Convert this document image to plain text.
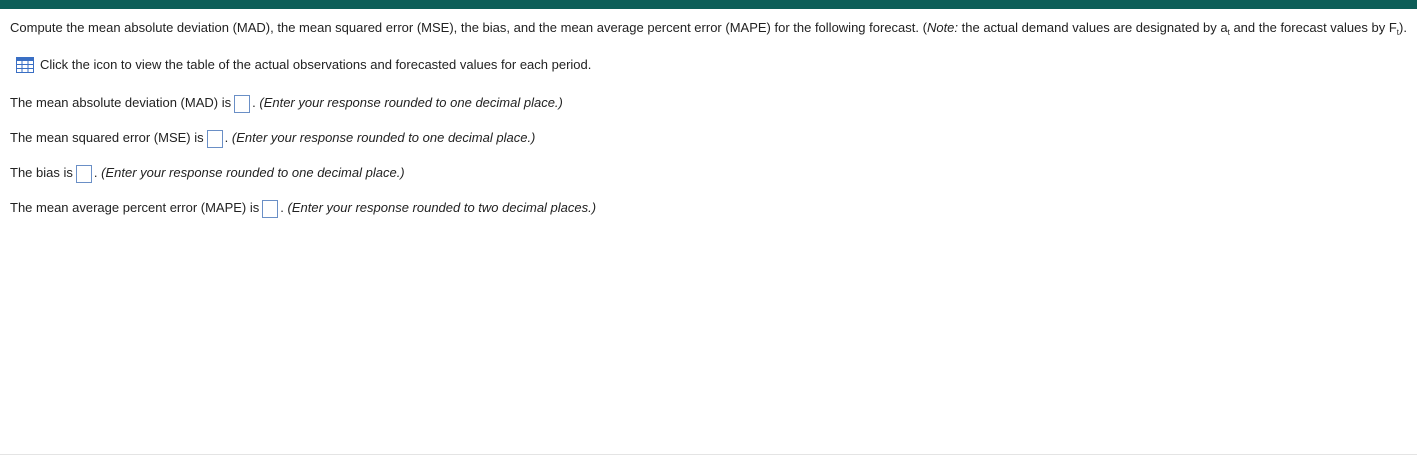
Compute the mean absolute deviation (MAD), the mean squared error (MSE), the bias, and the mean average percent error (MAPE) for the following forecast. (Note: the actual demand values are designated by $a_t$ and the forecast values by $F_t$).
Click the icon to view the table of the actual observations and forecasted values for each period.
The mean absolute deviation (MAD) is . (Enter your response rounded to one decimal place.)
The mean squared error (MSE) is . (Enter your response rounded to one decimal place.)
The bias is . (Enter your response rounded to one decimal place.)
The mean average percent error (MAPE) is . (Enter your response rounded to two decimal places.)
